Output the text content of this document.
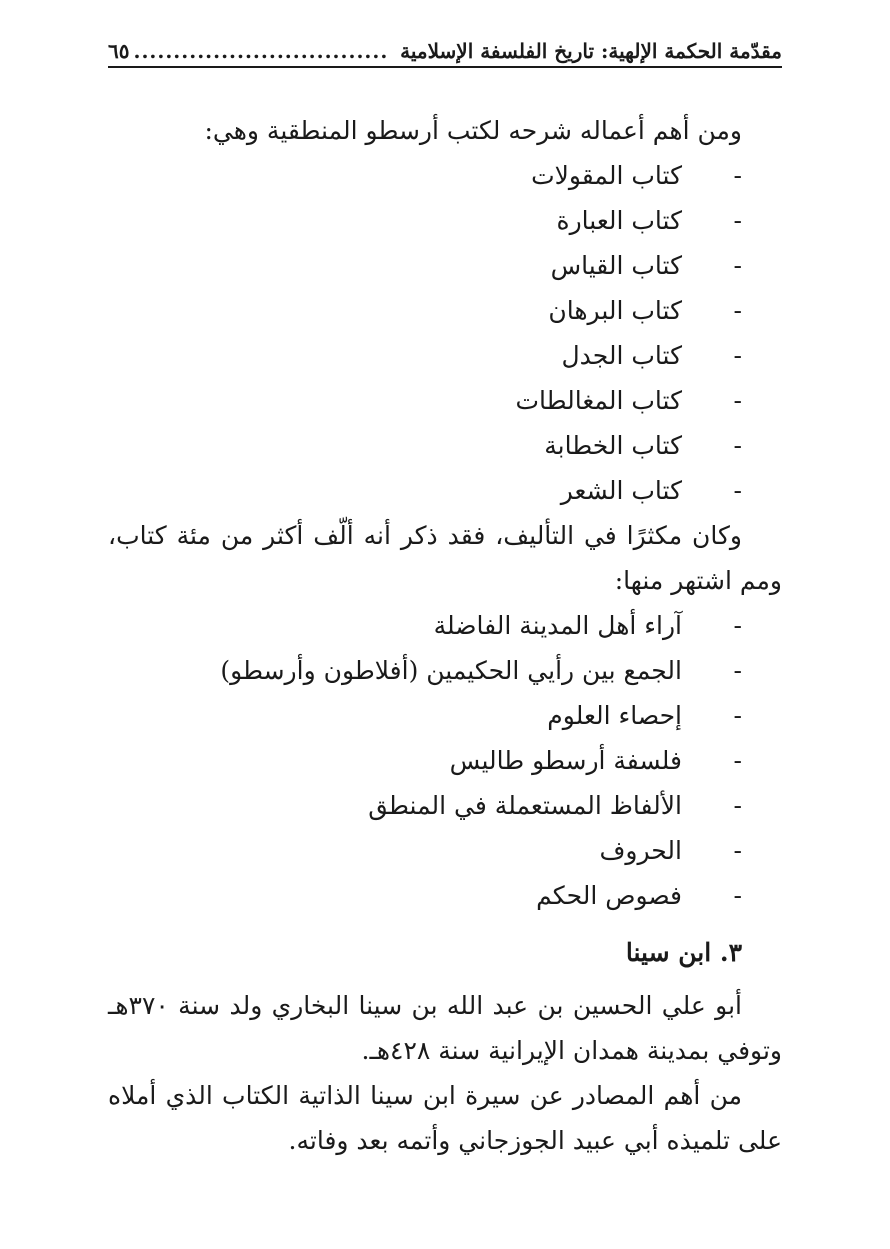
مقدّمة الحكمة الإلهية: تاريخ الفلسفة الإسلامية
................................
٦٥

ومن أهم أعماله شرحه لكتب أرسطو المنطقية وهي:

-
كتاب المقولات
-
كتاب العبارة
-
كتاب القياس
-
كتاب البرهان
-
كتاب الجدل
-
كتاب المغالطات
-
كتاب الخطابة
-
كتاب الشعر

وكان مكثرًا في التأليف، فقد ذكر أنه ألّف أكثر من مئة كتاب، ومم اشتهر منها:

-
آراء أهل المدينة الفاضلة
-
الجمع بين رأيي الحكيمين (أفلاطون وأرسطو)
-
إحصاء العلوم
-
فلسفة أرسطو طاليس
-
الألفاظ المستعملة في المنطق
-
الحروف
-
فصوص الحكم
٣. ابن سينا

أبو علي الحسين بن عبد الله بن سينا البخاري ولد سنة ٣٧٠هـ وتوفي بمدينة همدان الإيرانية سنة ٤٢٨هـ.

من أهم المصادر عن سيرة ابن سينا الذاتية الكتاب الذي أملاه على تلميذه أبي عبيد الجوزجاني وأتمه بعد وفاته.
